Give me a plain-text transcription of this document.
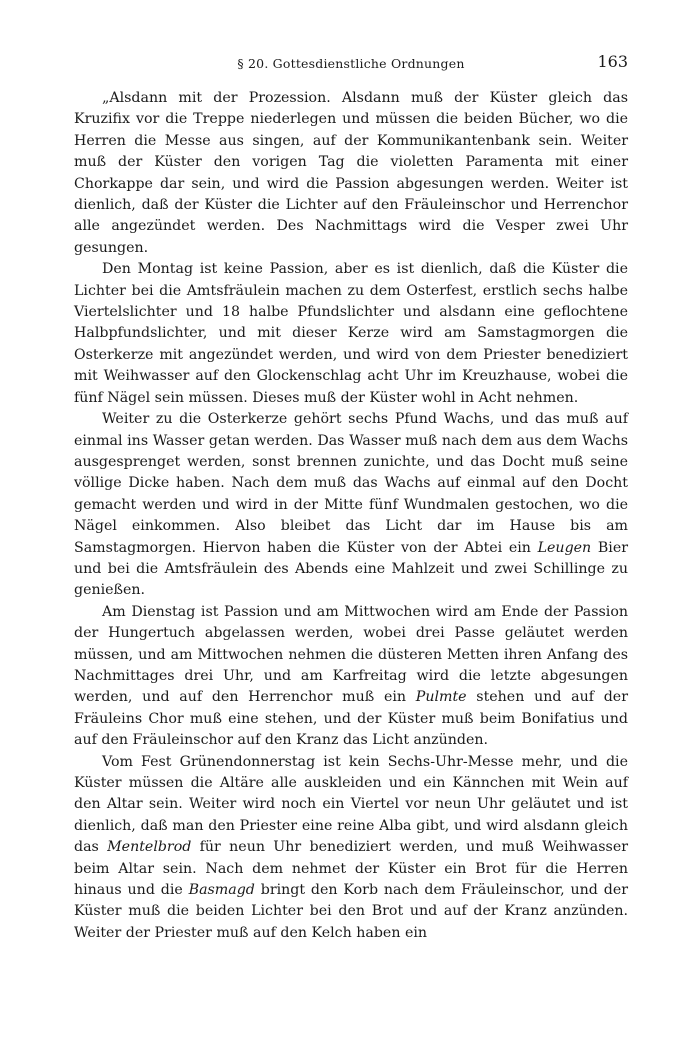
§ 20. Gottesdienstliche Ordnungen	163

„Alsdann mit der Prozession. Alsdann muß der Küster gleich das Kruzifix vor die Treppe niederlegen und müssen die beiden Bücher, wo die Herren die Messe aus singen, auf der Kommunikantenbank sein. Weiter muß der Küster den vorigen Tag die violetten Paramenta mit einer Chorkappe dar sein, und wird die Passion abgesungen werden. Weiter ist dienlich, daß der Küster die Lichter auf den Fräuleinschor und Herrenchor alle angezündet werden. Des Nachmittags wird die Vesper zwei Uhr gesungen.

Den Montag ist keine Passion, aber es ist dienlich, daß die Küster die Lichter bei die Amtsfräulein machen zu dem Osterfest, erstlich sechs halbe Viertelslichter und 18 halbe Pfundslichter und alsdann eine geflochtene Halbpfundslichter, und mit dieser Kerze wird am Samstagmorgen die Osterkerze mit angezündet werden, und wird von dem Priester benediziert mit Weihwasser auf den Glockenschlag acht Uhr im Kreuzhause, wobei die fünf Nägel sein müssen. Dieses muß der Küster wohl in Acht nehmen.

Weiter zu die Osterkerze gehört sechs Pfund Wachs, und das muß auf einmal ins Wasser getan werden. Das Wasser muß nach dem aus dem Wachs ausgesprenget werden, sonst brennen zunichte, und das Docht muß seine völlige Dicke haben. Nach dem muß das Wachs auf einmal auf den Docht gemacht werden und wird in der Mitte fünf Wundmalen gestochen, wo die Nägel einkommen. Also bleibet das Licht dar im Hause bis am Samstagmorgen. Hiervon haben die Küster von der Abtei ein Leugen Bier und bei die Amtsfräulein des Abends eine Mahlzeit und zwei Schillinge zu genießen.

Am Dienstag ist Passion und am Mittwochen wird am Ende der Passion der Hungertuch abgelassen werden, wobei drei Passe geläutet werden müssen, und am Mittwochen nehmen die düsteren Metten ihren Anfang des Nachmittages drei Uhr, und am Karfreitag wird die letzte abgesungen werden, und auf den Herrenchor muß ein Pulmte stehen und auf der Fräuleins Chor muß eine stehen, und der Küster muß beim Bonifatius und auf den Fräuleinschor auf den Kranz das Licht anzünden.

Vom Fest Grünendonnerstag ist kein Sechs-Uhr-Messe mehr, und die Küster müssen die Altäre alle auskleiden und ein Kännchen mit Wein auf den Altar sein. Weiter wird noch ein Viertel vor neun Uhr geläutet und ist dienlich, daß man den Priester eine reine Alba gibt, und wird alsdann gleich das Mentelbrod für neun Uhr benediziert werden, und muß Weihwasser beim Altar sein. Nach dem nehmet der Küster ein Brot für die Herren hinaus und die Basmagd bringt den Korb nach dem Fräuleinschor, und der Küster muß die beiden Lichter bei den Brot und auf der Kranz anzünden. Weiter der Priester muß auf den Kelch haben ein
